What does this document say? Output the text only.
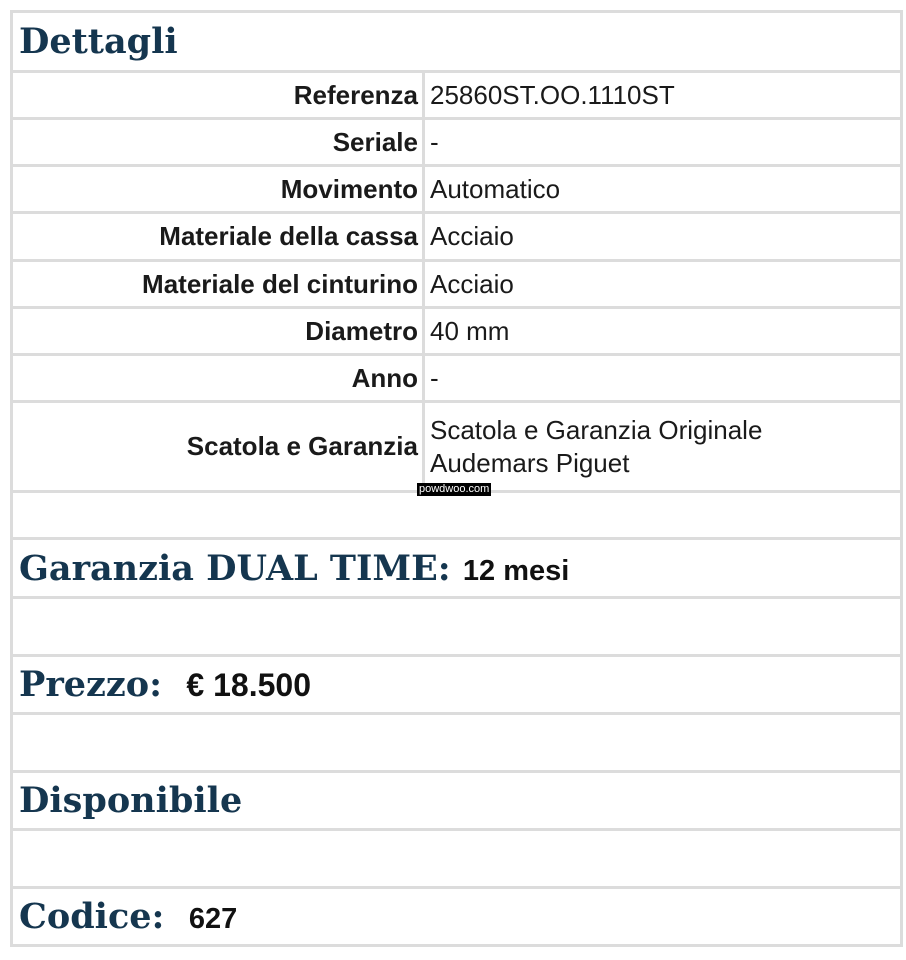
Dettagli	
Referenza	25860ST.OO.1110ST
Seriale	-
Movimento	Automatico
Materiale della cassa	Acciaio
Materiale del cinturino	Acciaio
Diametro	40 mm
Anno	-
Scatola e Garanzia	Scatola e Garanzia Originale
Audemars Piguet
powdwoo.com

Garanzia DUAL TIME: 12 mesi	

Prezzo: € 18.500	

Disponibile	

Codice: 627	
